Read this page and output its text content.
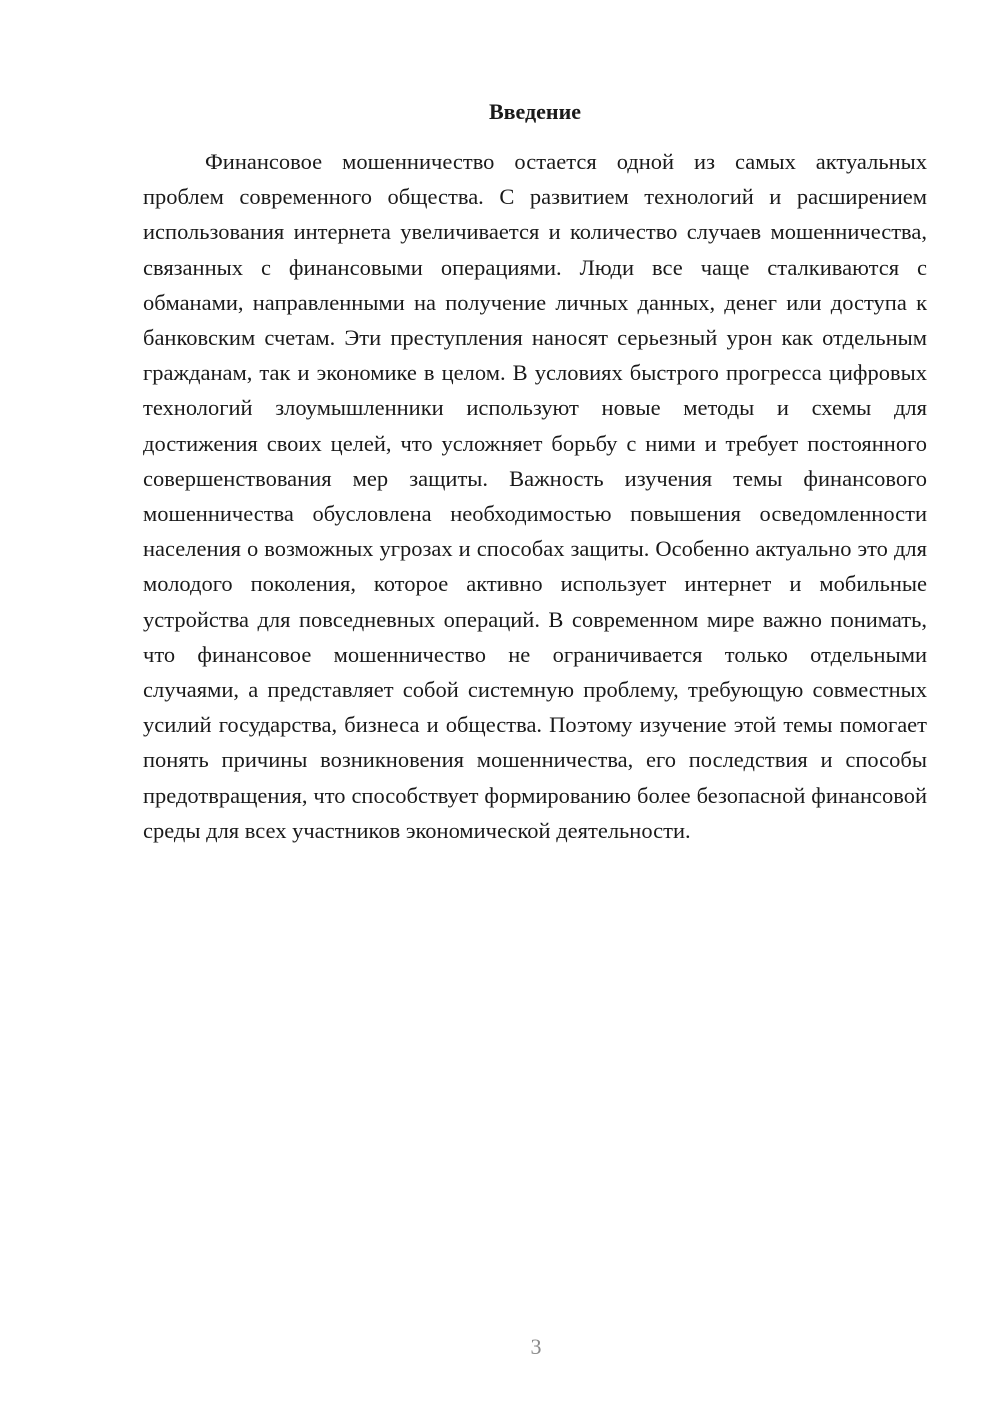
Введение

Финансовое мошенничество остается одной из самых актуальных проблем современного общества. С развитием технологий и расширением использования интернета увеличивается и количество случаев мошенничества, связанных с финансовыми операциями. Люди все чаще сталкиваются с обманами, направленными на получение личных данных, денег или доступа к банковским счетам. Эти преступления наносят серьезный урон как отдельным гражданам, так и экономике в целом. В условиях быстрого прогресса цифровых технологий злоумышленники используют новые методы и схемы для достижения своих целей, что усложняет борьбу с ними и требует постоянного совершенствования мер защиты. Важность изучения темы финансового мошенничества обусловлена необходимостью повышения осведомленности населения о возможных угрозах и способах защиты. Особенно актуально это для молодого поколения, которое активно использует интернет и мобильные устройства для повседневных операций. В современном мире важно понимать, что финансовое мошенничество не ограничивается только отдельными случаями, а представляет собой системную проблему, требующую совместных усилий государства, бизнеса и общества. Поэтому изучение этой темы помогает понять причины возникновения мошенничества, его последствия и способы предотвращения, что способствует формированию более безопасной финансовой среды для всех участников экономической деятельности.

3
